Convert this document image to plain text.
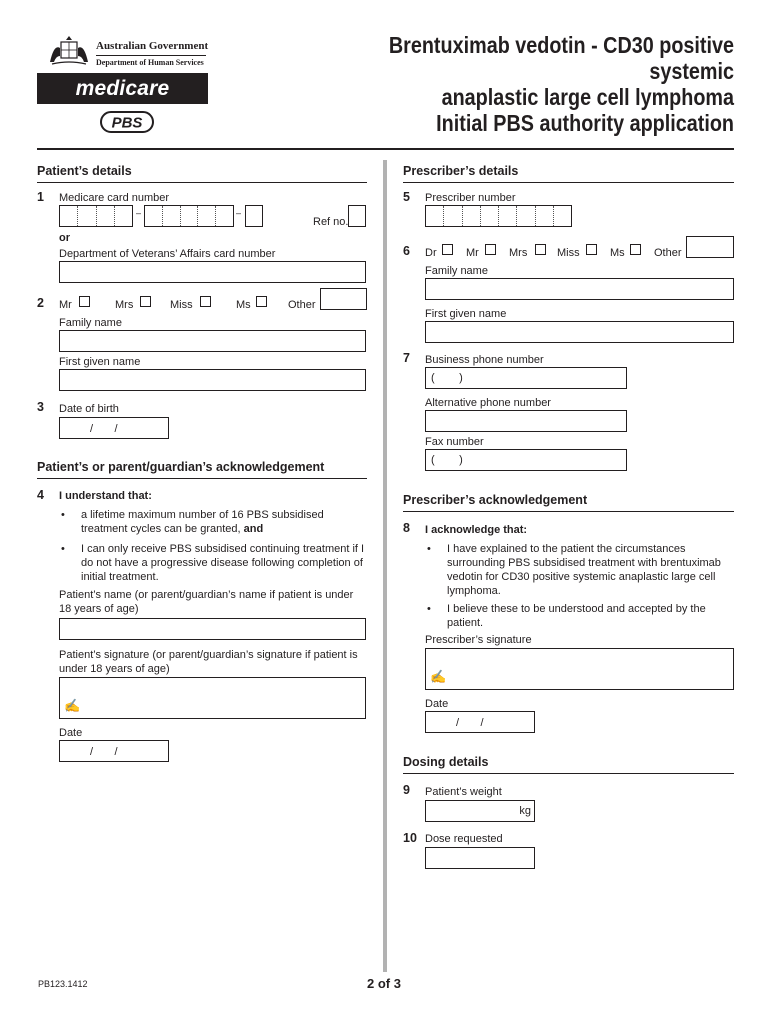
Australian Government
Department of Human Services
medicare
PBS
Brentuximab vedotin - CD30 positive systemic
anaplastic large cell lymphoma
Initial PBS authority application
Patient’s details
1 Medicare card number
–	–
Ref no.
or
Department of Veterans’ Affairs card number
2 Mr	Mrs	Miss	Ms	Other
Family name
First given name
3 Date of birth
/       /
Patient’s or parent/guardian’s acknowledgement
4 I understand that:
• a lifetime maximum number of 16 PBS subsidised
treatment cycles can be granted, and
• I can only receive PBS subsidised continuing treatment if I
do not have a progressive disease following completion of
initial treatment.
Patient’s name (or parent/guardian’s name if patient is under
18 years of age)
Patient’s signature (or parent/guardian’s signature if patient is
under 18 years of age)
✍
Date
/       /
Prescriber’s details
5 Prescriber number
6 Dr	Mr	Mrs	Miss	Ms	Other
Family name
First given name
7 Business phone number
(        )
Alternative phone number
Fax number
(        )
Prescriber’s acknowledgement
8 I acknowledge that:
• I have explained to the patient the circumstances
surrounding PBS subsidised treatment with brentuximab
vedotin for CD30 positive systemic anaplastic large cell
lymphoma.
• I believe these to be understood and accepted by the
patient.
Prescriber’s signature
✍
Date
/       /
Dosing details
9 Patient’s weight
kg
10 Dose requested
PB123.1412	2 of 3
